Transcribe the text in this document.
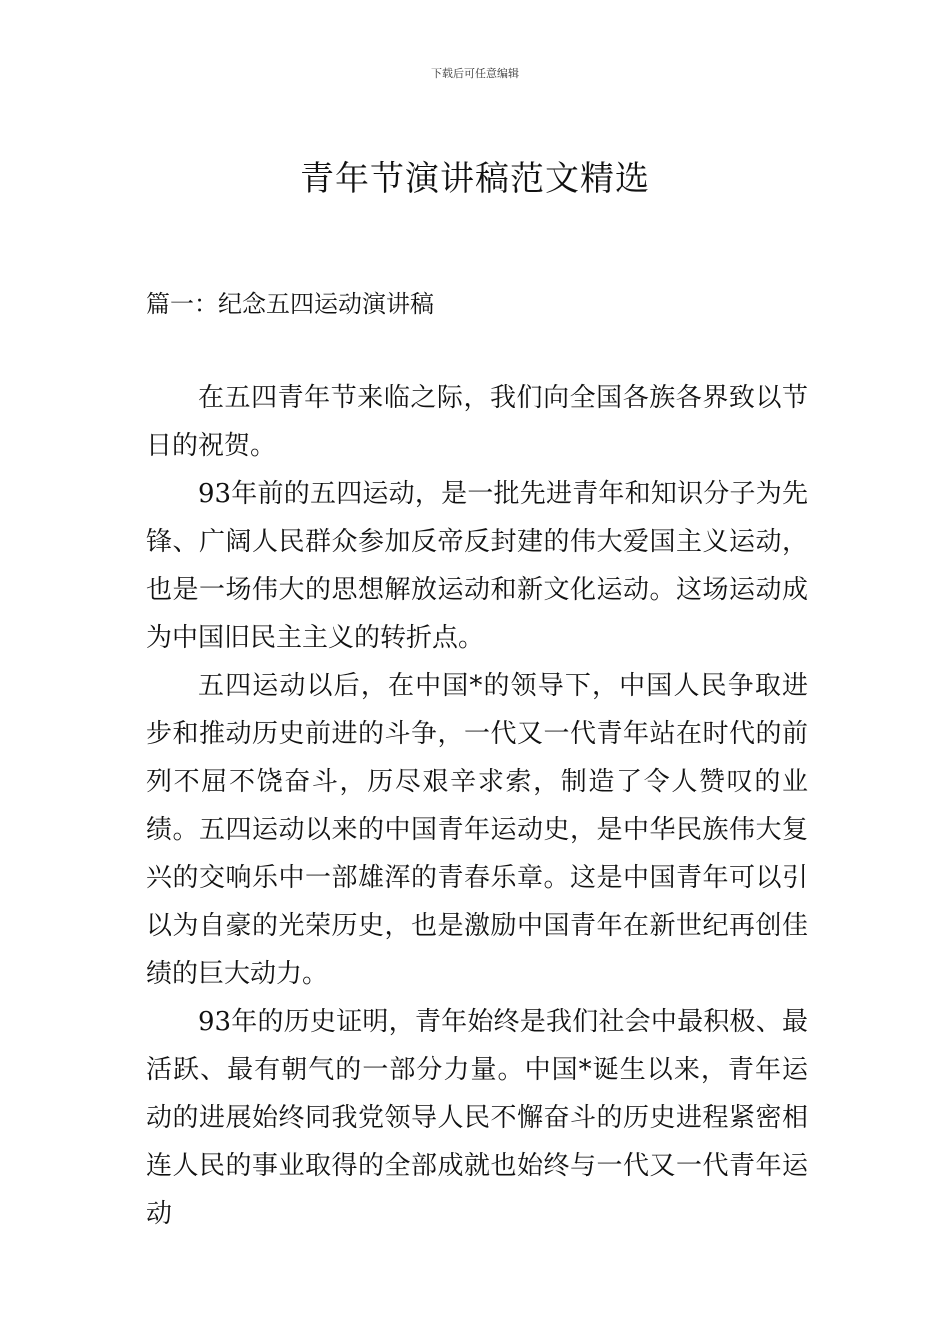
下载后可任意编辑
青年节演讲稿范文精选
篇一：纪念五四运动演讲稿

在五四青年节来临之际，我们向全国各族各界致以节日的祝贺。

93年前的五四运动，是一批先进青年和知识分子为先锋、广阔人民群众参加反帝反封建的伟大爱国主义运动，也是一场伟大的思想解放运动和新文化运动。这场运动成为中国旧民主主义的转折点。

五四运动以后，在中国*的领导下，中国人民争取进步和推动历史前进的斗争，一代又一代青年站在时代的前列不屈不饶奋斗，历尽艰辛求索，制造了令人赞叹的业绩。五四运动以来的中国青年运动史，是中华民族伟大复兴的交响乐中一部雄浑的青春乐章。这是中国青年可以引以为自豪的光荣历史，也是激励中国青年在新世纪再创佳绩的巨大动力。

93年的历史证明，青年始终是我们社会中最积极、最活跃、最有朝气的一部分力量。中国*诞生以来，青年运动的进展始终同我党领导人民不懈奋斗的历史进程紧密相连人民的事业取得的全部成就也始终与一代又一代青年运动
